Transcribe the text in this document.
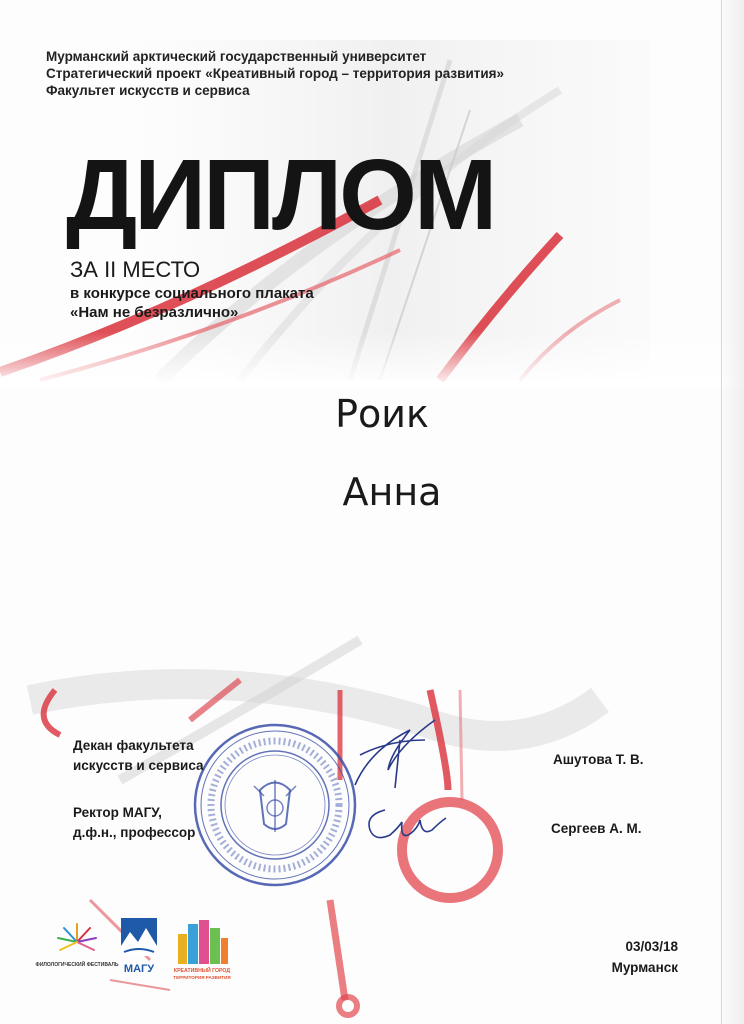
Мурманский арктический государственный университет
Стратегический проект «Креативный город – территория развития»
Факультет искусств и сервиса
ДИПЛОМ
ЗА II МЕСТО
в конкурсе социального плаката
«Нам не безразлично»
Роик
Анна
Декан факультета
искусств и сервиса	Ашутова Т. В.
Ректор МАГУ,
д.ф.н., профессор	Сергеев А. М.
ФИЛОЛОГИЧЕСКИЙ ФЕСТИВАЛЬ МАГУ	КРЕАТИВНЫЙ ГОРОД
ТЕРРИТОРИЯ РАЗВИТИЯ
03/03/18
Мурманск
